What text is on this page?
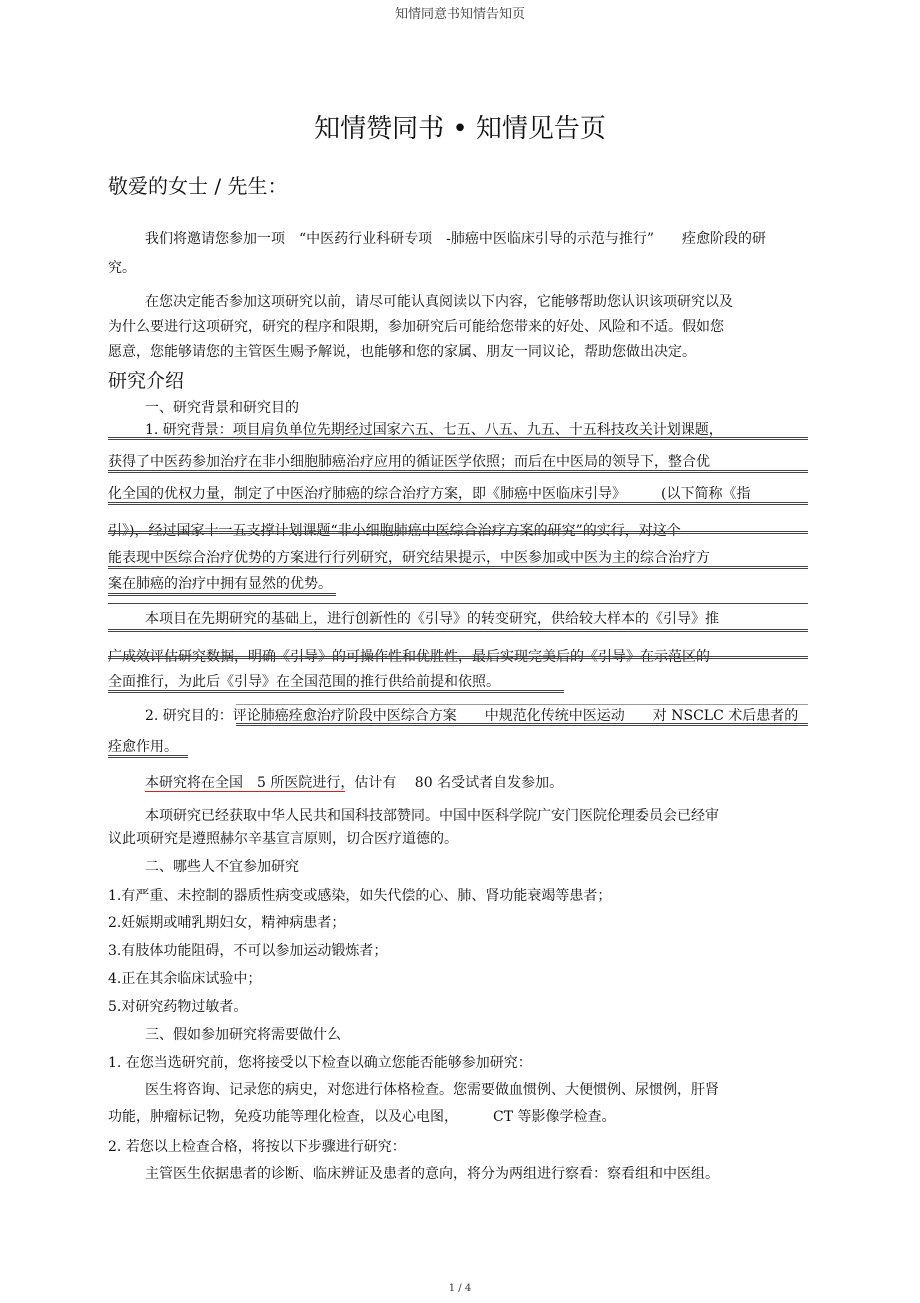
知情同意书知情告知页
知情赞同书 • 知情见告页
敬爱的女士 / 先生：
我们将邀请您参加一项　“中医药行业科研专项　-肺癌中医临床引导的示范与推行”　　痊愈阶段的研
究。
在您决定能否参加这项研究以前，请尽可能认真阅读以下内容，它能够帮助您认识该项研究以及
为什么要进行这项研究，研究的程序和限期，参加研究后可能给您带来的好处、风险和不适。假如您
愿意，您能够请您的主管医生赐予解说，也能够和您的家属、朋友一同议论，帮助您做出决定。
研究介绍
一、研究背景和研究目的
1. 研究背景：项目肩负单位先期经过国家六五、七五、八五、九五、十五科技攻关计划课题，
获得了中医药参加治疗在非小细胞肺癌治疗应用的循证医学依照；而后在中医局的领导下，整合优
化全国的优权力量，制定了中医治疗肺癌的综合治疗方案，即《肺癌中医临床引导》　　　(以下简称《指
引》)，经过国家十一五支撑计划课题“非小细胞肺癌中医综合治疗方案的研究”的实行，对这个
能表现中医综合治疗优势的方案进行行列研究，研究结果提示，中医参加或中医为主的综合治疗方
案在肺癌的治疗中拥有显然的优势。
本项目在先期研究的基础上，进行创新性的《引导》的转变研究，供给较大样本的《引导》推
广成效评估研究数据，明确《引导》的可操作性和优胜性，最后实现完美后的《引导》在示范区的
全面推行，为此后《引导》在全国范围的推行供给前提和依照。
2. 研究目的：评论肺癌痊愈治疗阶段中医综合方案　　中规范化传统中医运动　　对 NSCLC 术后患者的
痊愈作用。
本研究将在全国　5 所医院进行，估计有　 80 名受试者自发参加。
本项研究已经获取中华人民共和国科技部赞同。中国中医科学院广安门医院伦理委员会已经审
议此项研究是遵照赫尔辛基宣言原则，切合医疗道德的。
二、哪些人不宜参加研究
1.有严重、未控制的器质性病变或感染，如失代偿的心、肺、肾功能衰竭等患者；
2.妊娠期或哺乳期妇女，精神病患者；
3.有肢体功能阻碍，不可以参加运动锻炼者；
4.正在其余临床试验中；
5.对研究药物过敏者。
三、假如参加研究将需要做什么
1. 在您当选研究前，您将接受以下检查以确立您能否能够参加研究：
医生将咨询、记录您的病史，对您进行体格检查。您需要做血惯例、大便惯例、尿惯例，肝肾
功能，肿瘤标记物，免疫功能等理化检查，以及心电图，　　　CT 等影像学检查。
2. 若您以上检查合格，将按以下步骤进行研究：
主管医生依据患者的诊断、临床辨证及患者的意向，将分为两组进行察看：察看组和中医组。
1 / 4
